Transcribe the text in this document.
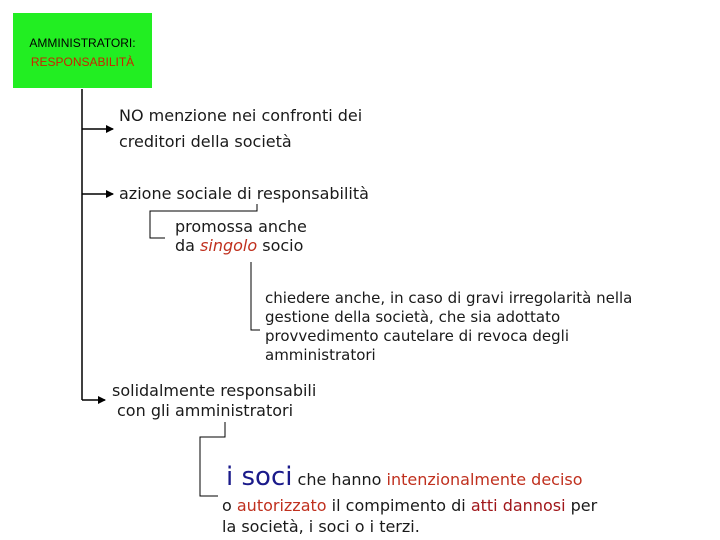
AMMINISTRATORI:
RESPONSABILITÀ
NO menzione nei confronti dei
creditori della società
azione sociale di responsabilità
promossa anche
da singolo socio
chiedere anche, in caso di gravi irregolarità nella
gestione della società, che sia adottato
provvedimento cautelare di revoca degli
amministratori
solidalmente responsabili
con gli amministratori
i soci che hanno intenzionalmente deciso
o autorizzato il compimento di atti dannosi per
la società, i soci o i terzi.
